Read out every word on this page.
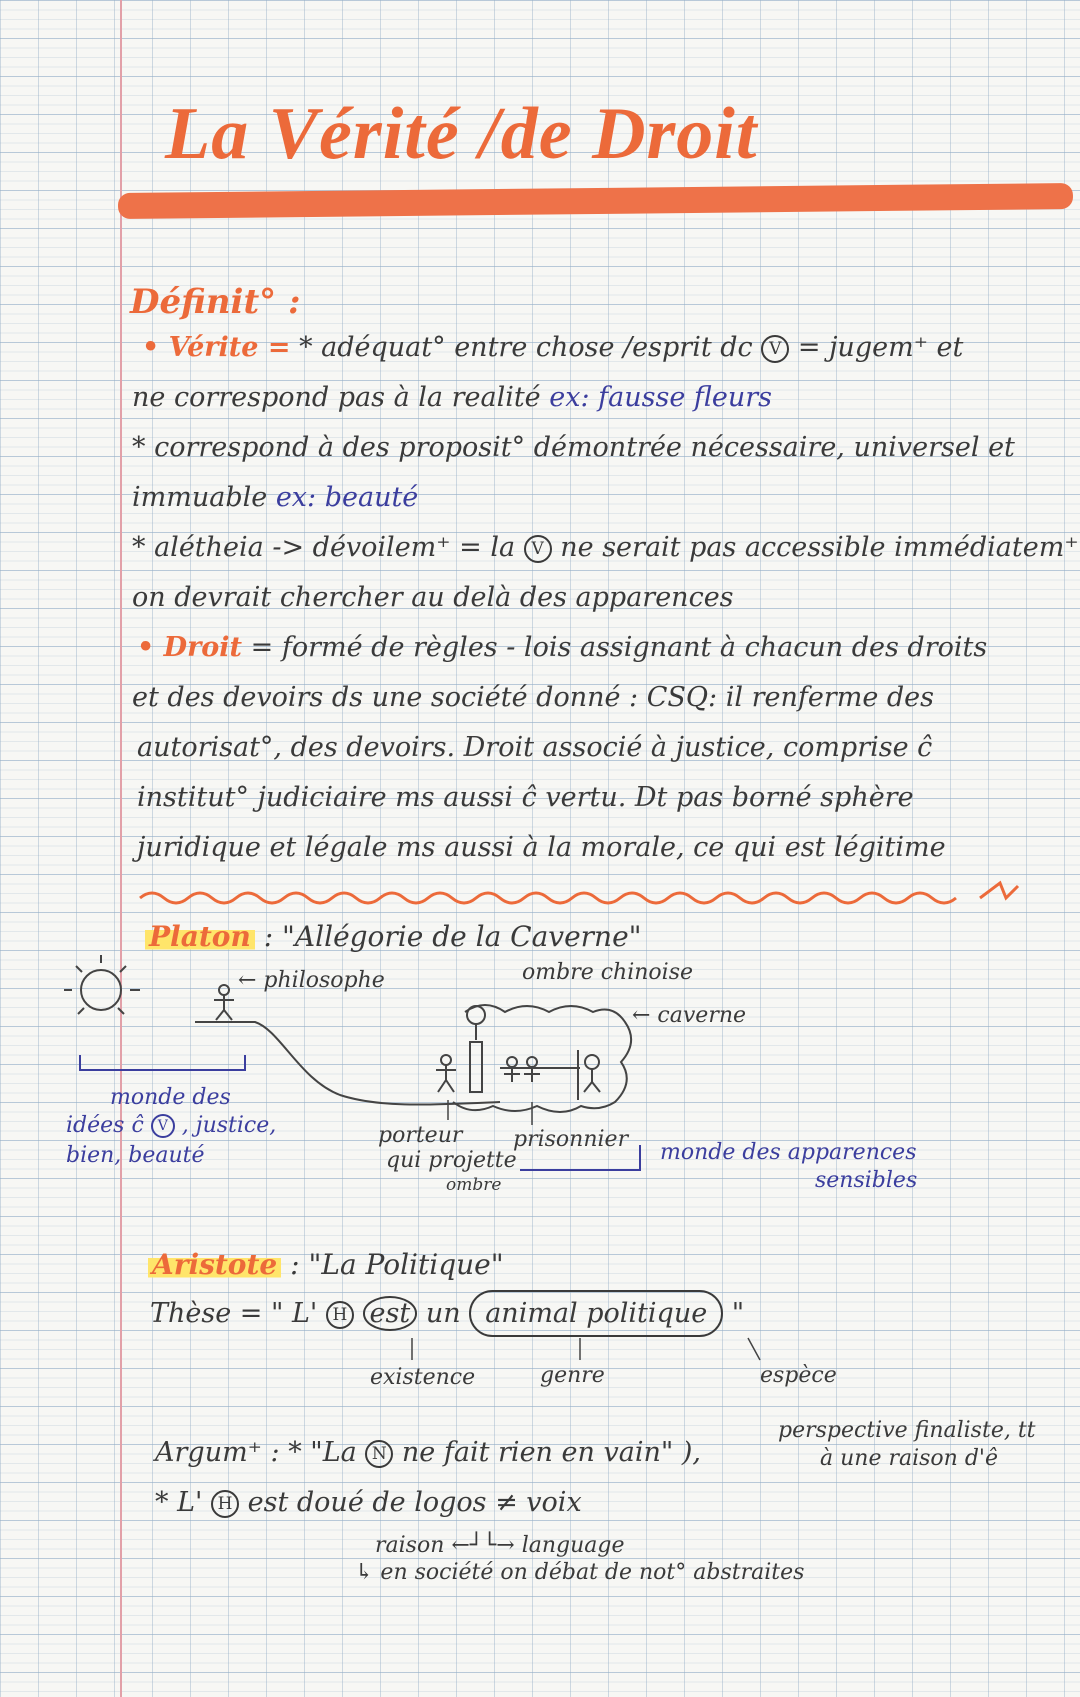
La Vérité /de Droit
Définit° :
• Vérite = * adéquat° entre chose /esprit dc V = jugem⁺ et
ne correspond pas à la realité ex: fausse fleurs
* correspond à des proposit° démontrée nécessaire, universel et
immuable ex: beauté
* alétheia -> dévoilem⁺ = la V ne serait pas accessible immédiatem⁺
on devrait chercher au delà des apparences
• Droit = formé de règles - lois assignant à chacun des droits
et des devoirs ds une société donné : CSQ: il renferme des
autorisat°, des devoirs. Droit associé à justice, comprise ĉ
institut° judiciaire ms aussi ĉ vertu. Dt pas borné sphère
juridique et légale ms aussi à la morale, ce qui est légitime
Platon : "Allégorie de la Caverne"
← philosophe	ombre chinoise
← caverne
monde des
idées ĉ V , justice,
bien, beauté
porteur
qui projette
ombre
prisonnier
monde des apparences
sensibles
Aristote : "La Politique"
Thèse = " L' H est un animal politique "
existence	genre	espèce
Argum⁺ : * "La N ne fait rien en vain" ),
perspective finaliste, tt
à une raison d'ê
* L' H est doué de logos ≠ voix
raison ←┘└→ language
↳ en société on débat de not° abstraites
